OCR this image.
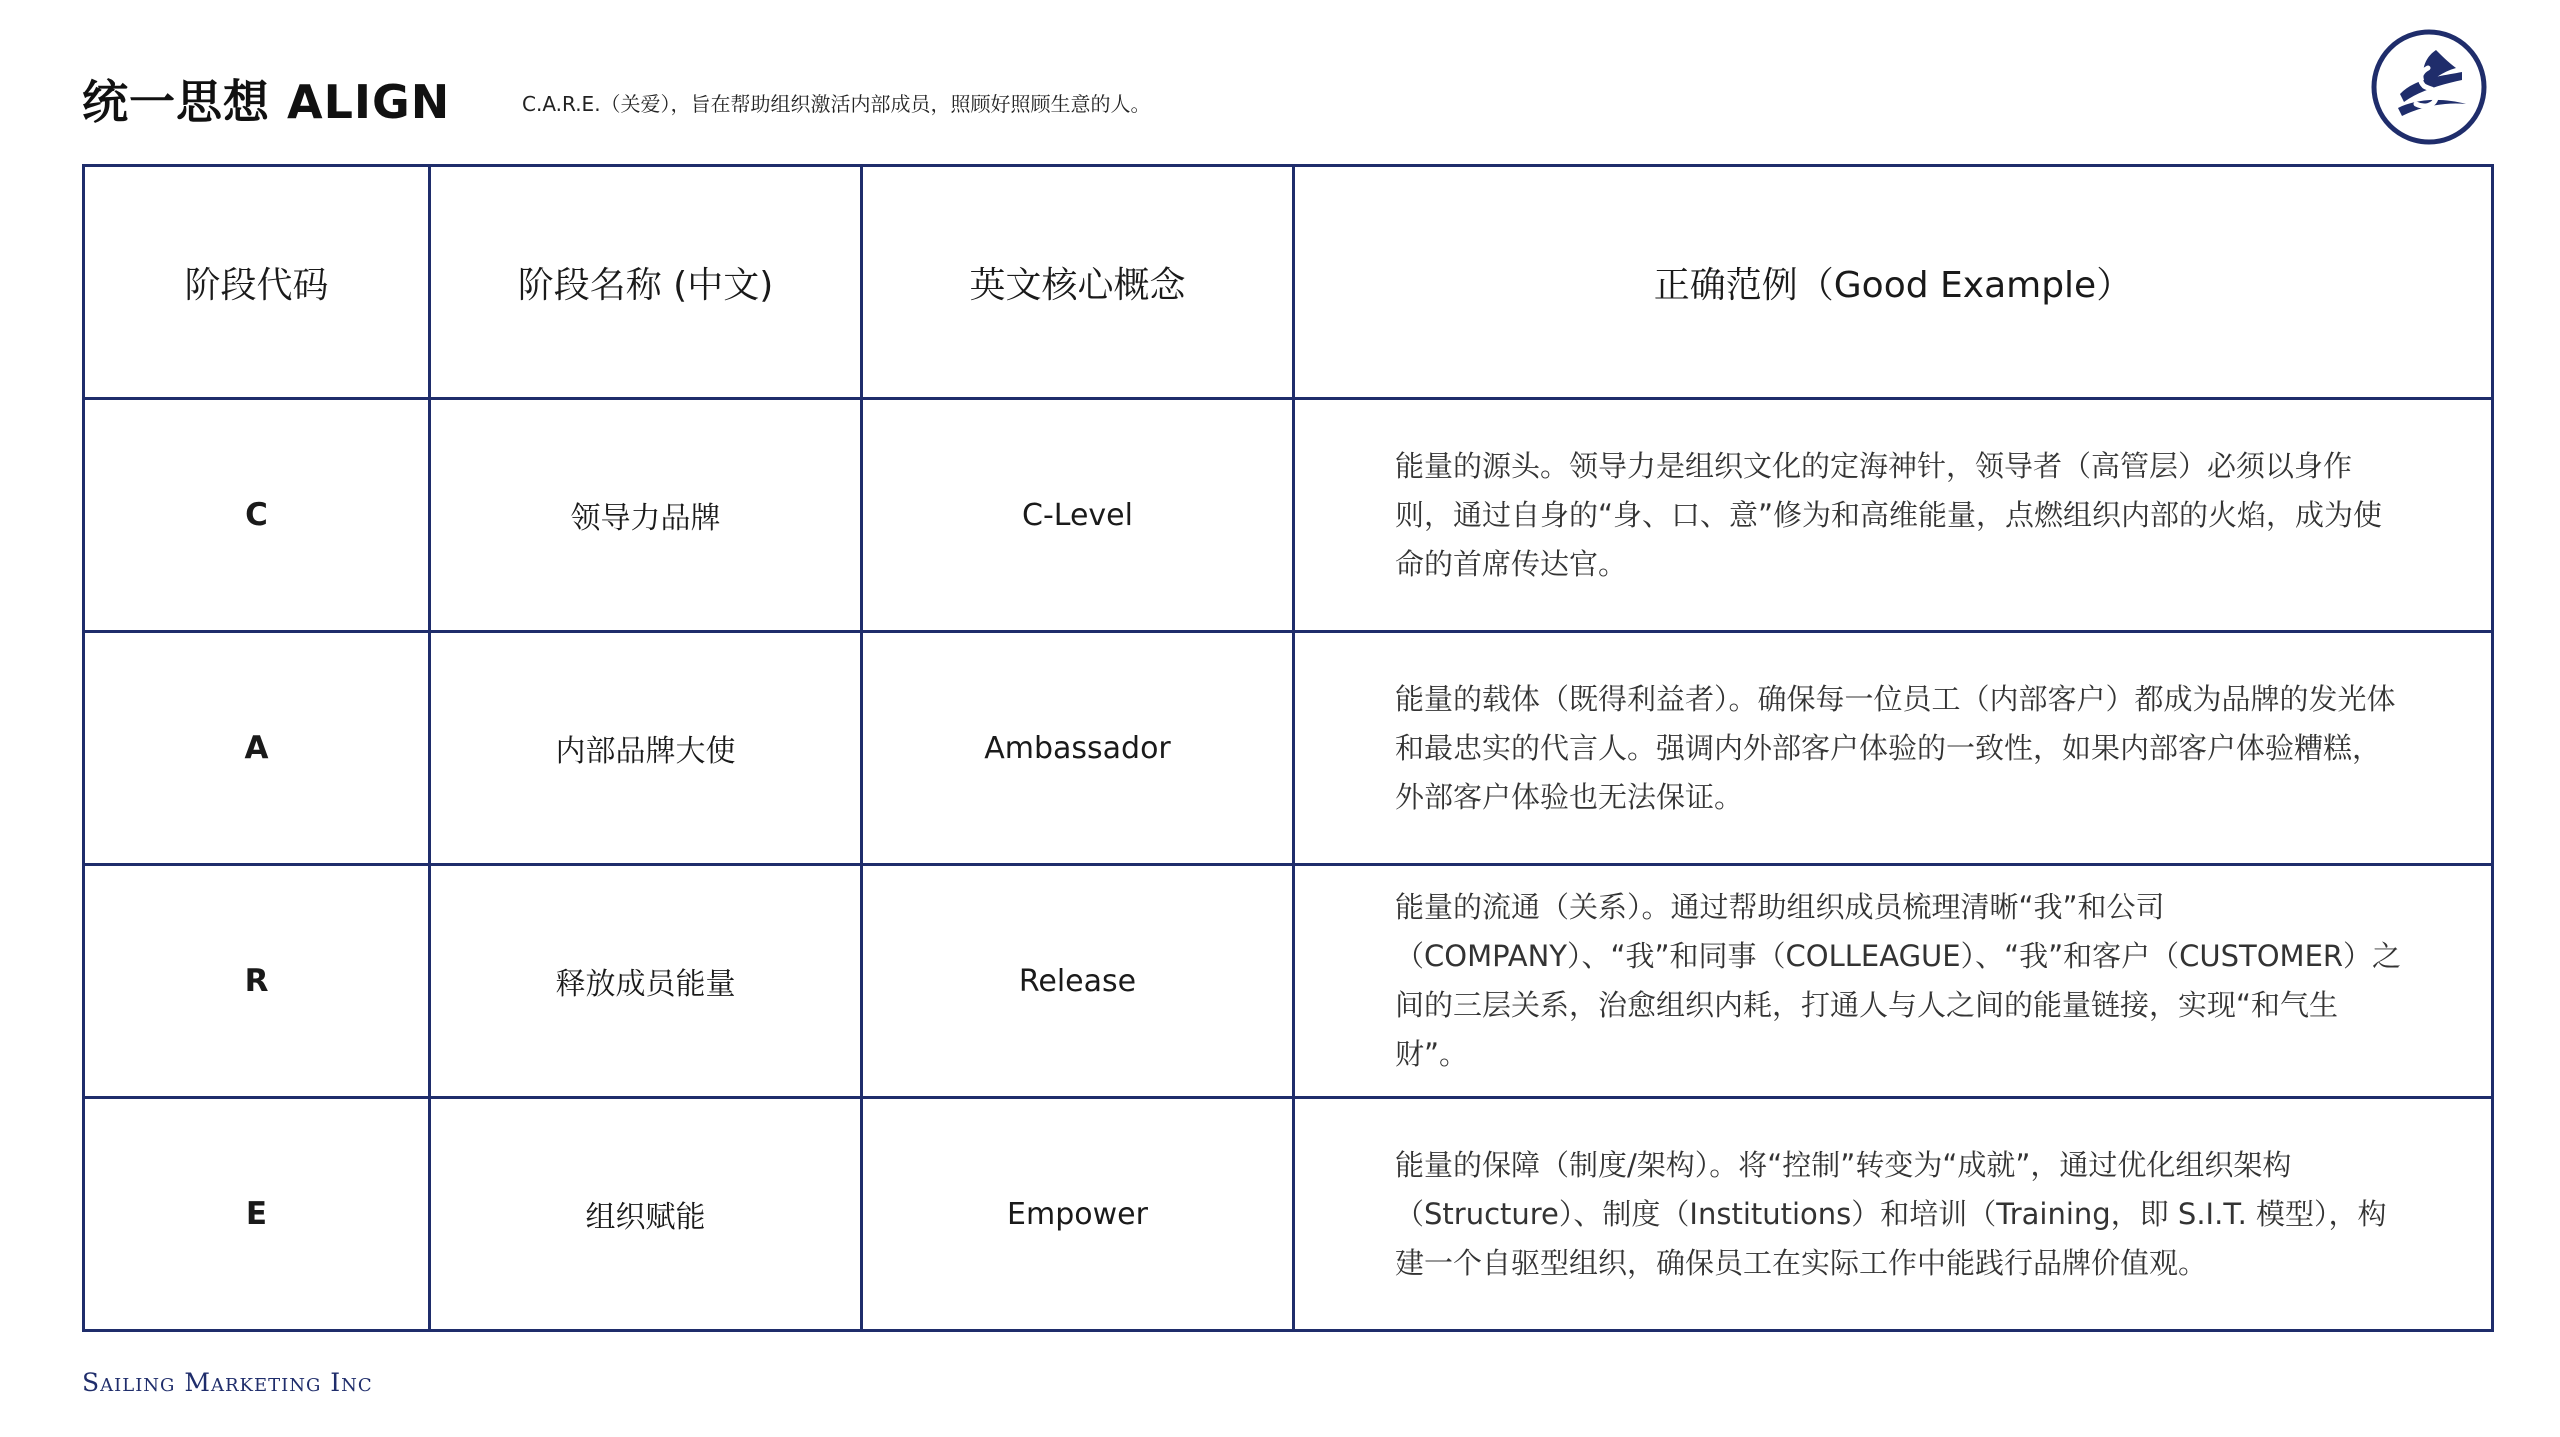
统一思想 ALIGN	C.A.R.E.（关爱），旨在帮助组织激活内部成员，照顾好照顾生意的人。
阶段代码	阶段名称 (中文)	英文核心概念	正确范例（Good Example）
C	领导力品牌	C-Level	能量的源头。领导力是组织文化的定海神针，领导者（高管层）必须以身作则，通过自身的“身、口、意”修为和高维能量，点燃组织内部的火焰，成为使命的首席传达官。
A	内部品牌大使	Ambassador	能量的载体（既得利益者）。确保每一位员工（内部客户）都成为品牌的发光体和最忠实的代言人。强调内外部客户体验的一致性，如果内部客户体验糟糕，外部客户体验也无法保证。
R	释放成员能量	Release	能量的流通（关系）。通过帮助组织成员梳理清晰“我”和公司（COMPANY）、“我”和同事（COLLEAGUE）、“我”和客户（CUSTOMER）之间的三层关系，治愈组织内耗，打通人与人之间的能量链接，实现“和气生财”。
E	组织赋能	Empower	能量的保障（制度/架构）。将“控制”转变为“成就”，通过优化组织架构（Structure）、制度（Institutions）和培训（Training，即 S.I.T. 模型），构建一个自驱型组织，确保员工在实际工作中能践行品牌价值观。
Sailing Marketing Inc
